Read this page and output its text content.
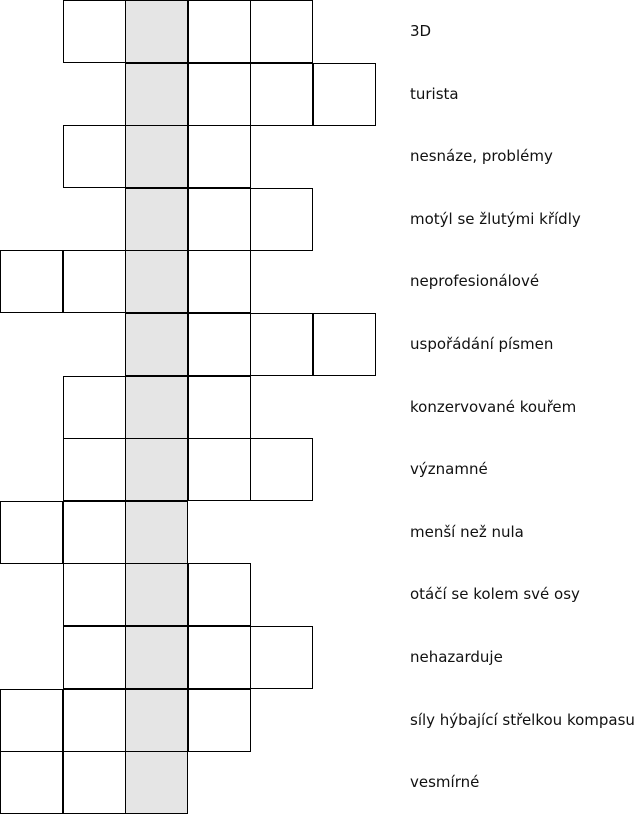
3D
turista
nesnáze, problémy
motýl se žlutými křídly
neprofesionálové
uspořádání písmen
konzervované kouřem
významné
menší než nula
otáčí se kolem své osy
nehazarduje
síly hýbající střelkou kompasu
vesmírné
